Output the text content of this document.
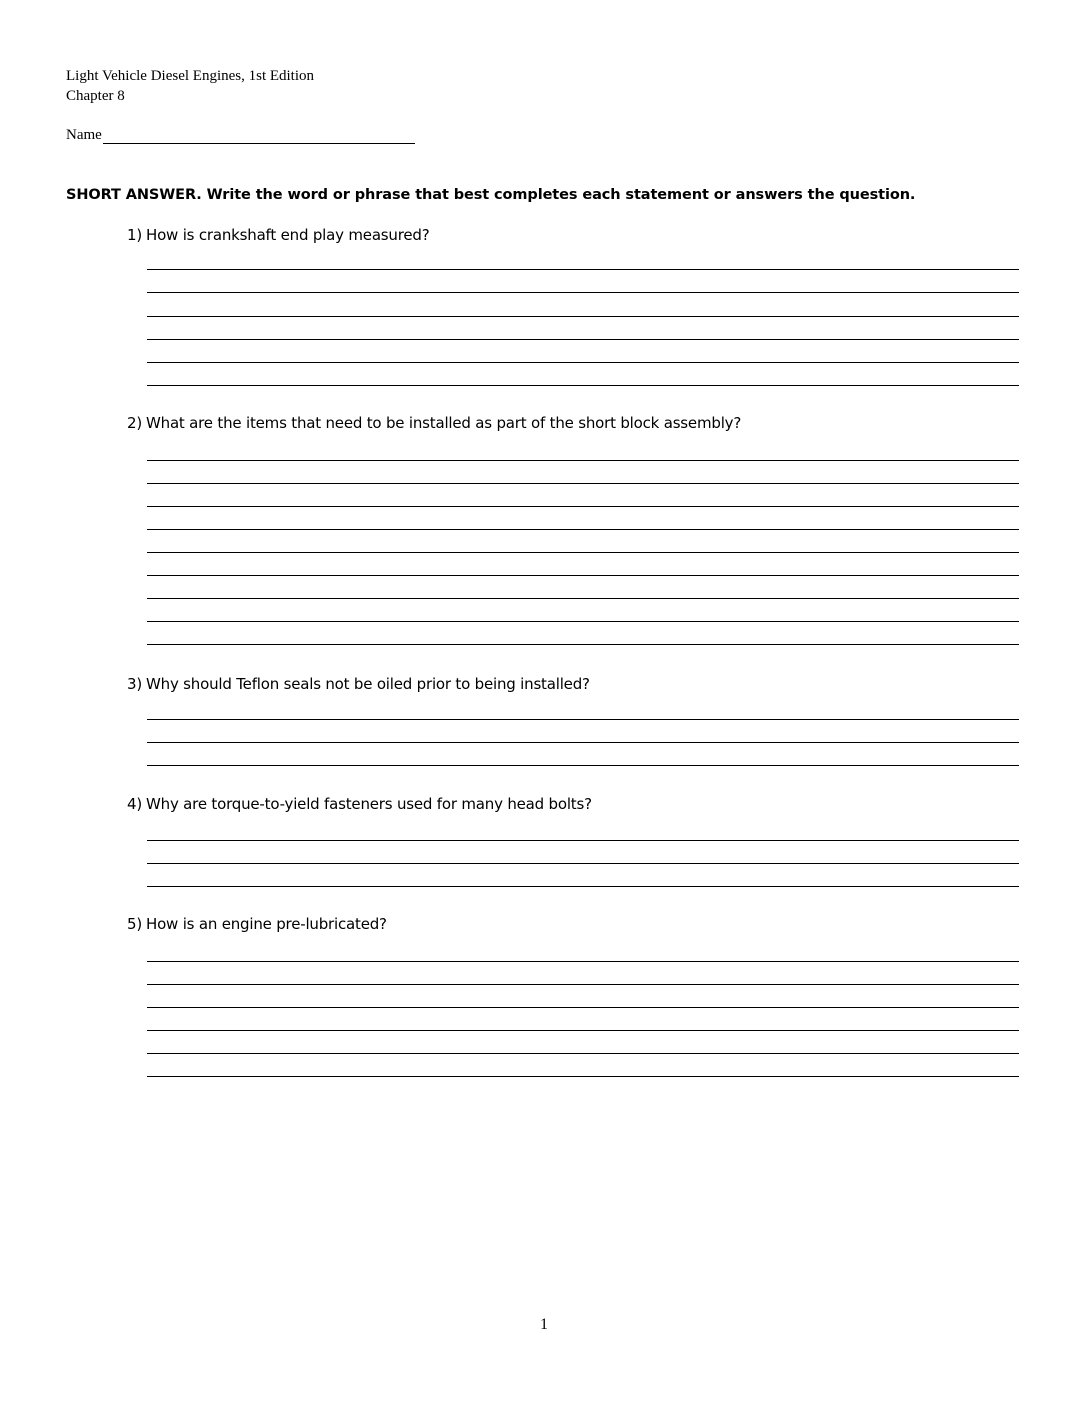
Light Vehicle Diesel Engines, 1st Edition
Chapter 8
Name
SHORT ANSWER. Write the word or phrase that best completes each statement or answers the question.
1) How is crankshaft end play measured?
2) What are the items that need to be installed as part of the short block assembly?
3) Why should Teflon seals not be oiled prior to being installed?
4) Why are torque-to-yield fasteners used for many head bolts?
5) How is an engine pre-lubricated?
1
